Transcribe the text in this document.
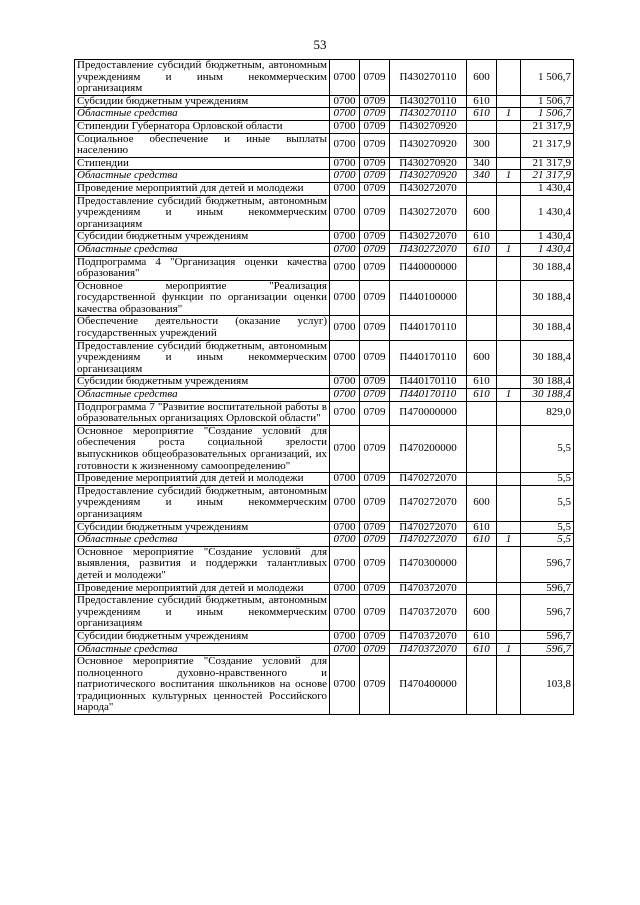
53
Предоставление субсидий бюджетным, автономным учреждениям и иным некоммерческим организациям	0700	0709	П430270110	600		1 506,7
Субсидии бюджетным учреждениям	0700	0709	П430270110	610		1 506,7
Областные средства	0700	0709	П430270110	610	1	1 506,7
Стипендии Губернатора Орловской области	0700	0709	П430270920			21 317,9
Социальное обеспечение и иные выплаты населению	0700	0709	П430270920	300		21 317,9
Стипендии	0700	0709	П430270920	340		21 317,9
Областные средства	0700	0709	П430270920	340	1	21 317,9
Проведение мероприятий для детей и молодежи	0700	0709	П430272070			1 430,4
Предоставление субсидий бюджетным, автономным учреждениям и иным некоммерческим организациям	0700	0709	П430272070	600		1 430,4
Субсидии бюджетным учреждениям	0700	0709	П430272070	610		1 430,4
Областные средства	0700	0709	П430272070	610	1	1 430,4
Подпрограмма 4 "Организация оценки качества образования"	0700	0709	П440000000			30 188,4
Основное мероприятие "Реализация государственной функции по организации оценки качества образования"	0700	0709	П440100000			30 188,4
Обеспечение деятельности (оказание услуг) государственных учреждений	0700	0709	П440170110			30 188,4
Предоставление субсидий бюджетным, автономным учреждениям и иным некоммерческим организациям	0700	0709	П440170110	600		30 188,4
Субсидии бюджетным учреждениям	0700	0709	П440170110	610		30 188,4
Областные средства	0700	0709	П440170110	610	1	30 188,4
Подпрограмма 7 "Развитие воспитательной работы в образовательных организациях Орловской области"	0700	0709	П470000000			829,0
Основное мероприятие "Создание условий для обеспечения роста социальной зрелости выпускников общеобразовательных организаций, их готовности к жизненному самоопределению"	0700	0709	П470200000			5,5
Проведение мероприятий для детей и молодежи	0700	0709	П470272070			5,5
Предоставление субсидий бюджетным, автономным учреждениям и иным некоммерческим организациям	0700	0709	П470272070	600		5,5
Субсидии бюджетным учреждениям	0700	0709	П470272070	610		5,5
Областные средства	0700	0709	П470272070	610	1	5,5
Основное мероприятие "Создание условий для выявления, развития и поддержки талантливых детей и молодежи"	0700	0709	П470300000			596,7
Проведение мероприятий для детей и молодежи	0700	0709	П470372070			596,7
Предоставление субсидий бюджетным, автономным учреждениям и иным некоммерческим организациям	0700	0709	П470372070	600		596,7
Субсидии бюджетным учреждениям	0700	0709	П470372070	610		596,7
Областные средства	0700	0709	П470372070	610	1	596,7
Основное мероприятие "Создание условий для полноценного духовно-нравственного и патриотического воспитания школьников на основе традиционных культурных ценностей Российского народа"	0700	0709	П470400000			103,8
